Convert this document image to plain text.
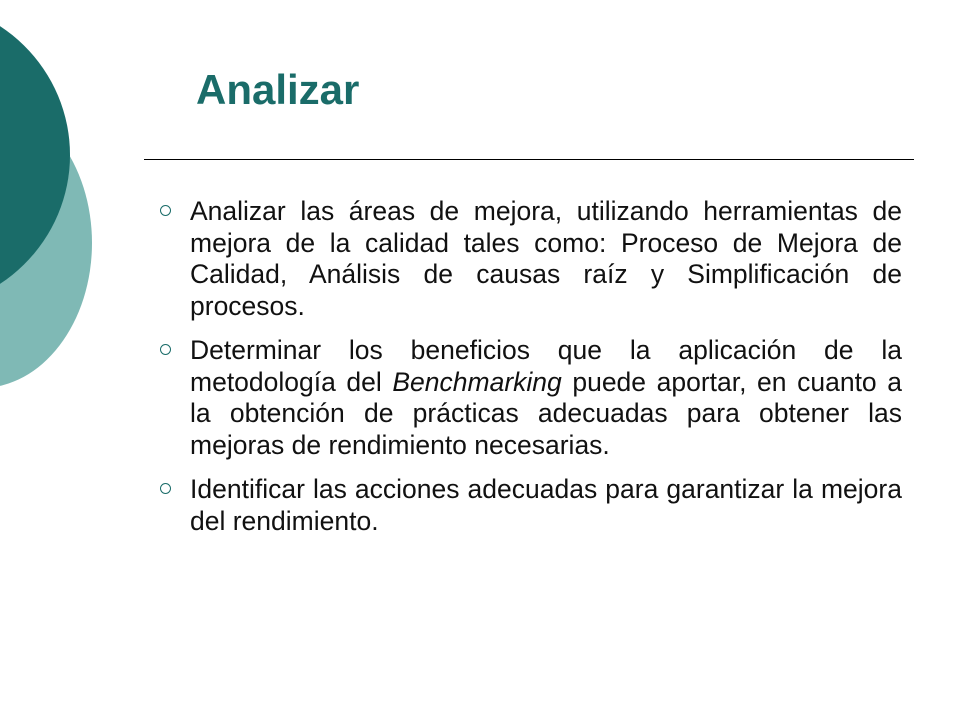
Analizar
Analizar las áreas de mejora, utilizando herramientas de mejora de la calidad tales como: Proceso de Mejora de Calidad, Análisis de causas raíz y Simplificación de procesos.
Determinar los beneficios que la aplicación de la metodología del Benchmarking puede aportar, en cuanto a la obtención de prácticas adecuadas para obtener las mejoras de rendimiento necesarias.
Identificar las acciones adecuadas para garantizar la mejora del rendimiento.
